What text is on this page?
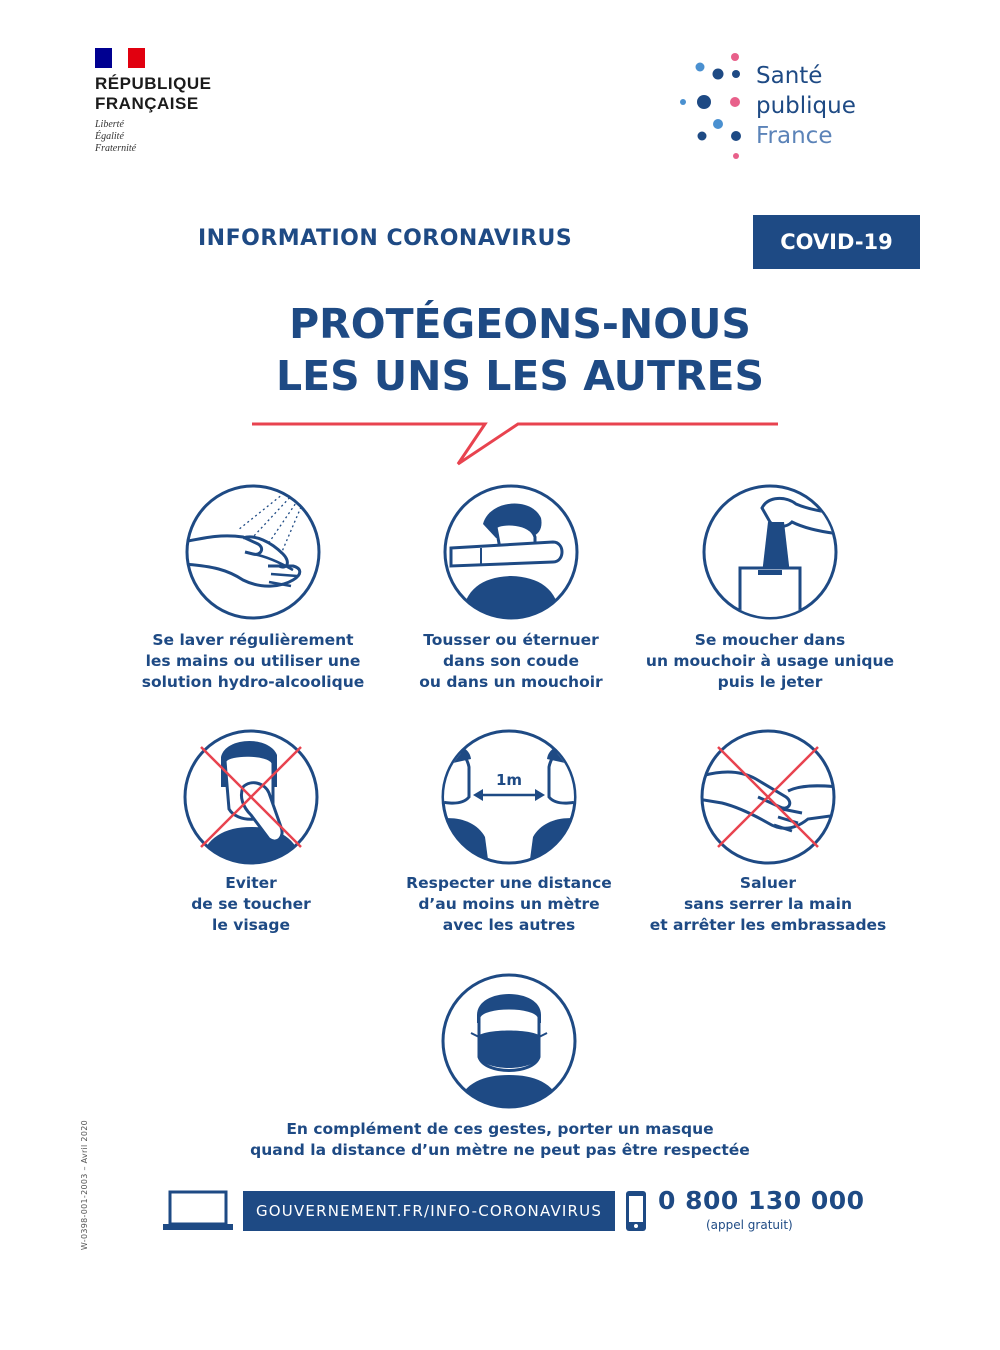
RÉPUBLIQUE
FRANÇAISE
Liberté
Égalité
Fraternité
Santé
publique
France
INFORMATION CORONAVIRUS	COVID-19
PROTÉGEONS-NOUS
LES UNS LES AUTRES
Se laver régulièrement
les mains ou utiliser une
solution hydro-alcoolique
Tousser ou éternuer
dans son coude
ou dans un mouchoir
Se moucher dans
un mouchoir à usage unique
puis le jeter
Eviter
de se toucher
le visage
1m
Respecter une distance
d’au moins un mètre
avec les autres
Saluer
sans serrer la main
et arrêter les embrassades
En complément de ces gestes, porter un masque
quand la distance d’un mètre ne peut pas être respectée
W-0398-001-2003 – Avril 2020	GOUVERNEMENT.FR/INFO-CORONAVIRUS	0 800 130 000
(appel gratuit)
